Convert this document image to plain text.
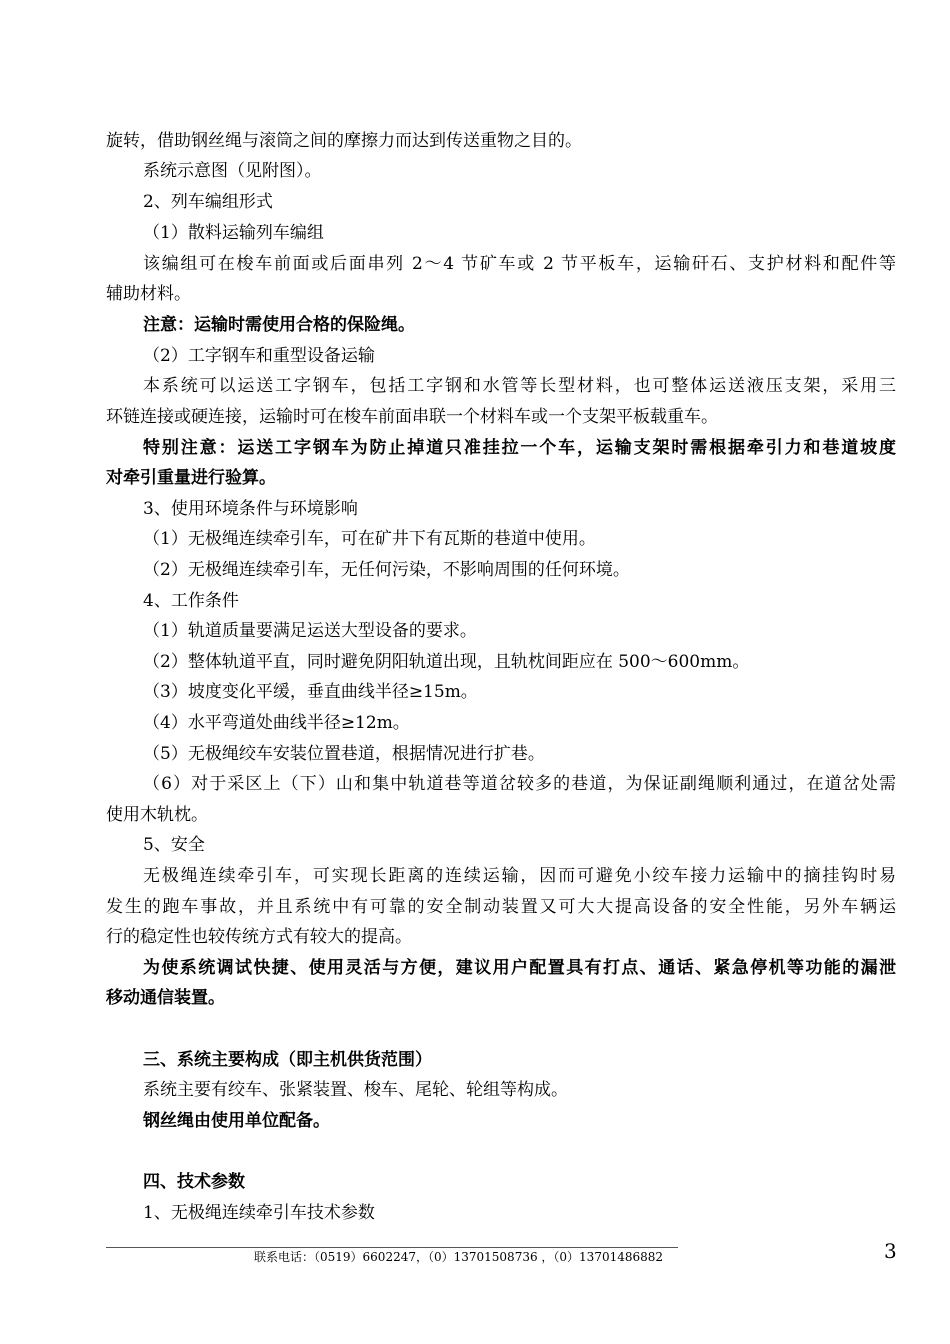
旋转，借助钢丝绳与滚筒之间的摩擦力而达到传送重物之目的。
系统示意图（见附图）。
2、列车编组形式
（1）散料运输列车编组
该编组可在梭车前面或后面串列 2～4 节矿车或 2 节平板车，运输矸石、支护材料和配件等
辅助材料。
注意：运输时需使用合格的保险绳。
（2）工字钢车和重型设备运输
本系统可以运送工字钢车，包括工字钢和水管等长型材料，也可整体运送液压支架，采用三
环链连接或硬连接，运输时可在梭车前面串联一个材料车或一个支架平板载重车。
特别注意：运送工字钢车为防止掉道只准挂拉一个车，运输支架时需根据牵引力和巷道坡度
对牵引重量进行验算。
3、使用环境条件与环境影响
（1）无极绳连续牵引车，可在矿井下有瓦斯的巷道中使用。
（2）无极绳连续牵引车，无任何污染，不影响周围的任何环境。
4、工作条件
（1）轨道质量要满足运送大型设备的要求。
（2）整体轨道平直，同时避免阴阳轨道出现，且轨枕间距应在 500～600mm。
（3）坡度变化平缓，垂直曲线半径≥15m。
（4）水平弯道处曲线半径≥12m。
（5）无极绳绞车安装位置巷道，根据情况进行扩巷。
（6）对于采区上（下）山和集中轨道巷等道岔较多的巷道，为保证副绳顺利通过，在道岔处需
使用木轨枕。
5、安全
无极绳连续牵引车，可实现长距离的连续运输，因而可避免小绞车接力运输中的摘挂钩时易
发生的跑车事故，并且系统中有可靠的安全制动装置又可大大提高设备的安全性能，另外车辆运
行的稳定性也较传统方式有较大的提高。
为使系统调试快捷、使用灵活与方便，建议用户配置具有打点、通话、紧急停机等功能的漏泄
移动通信装置。
三、系统主要构成（即主机供货范围）
系统主要有绞车、张紧装置、梭车、尾轮、轮组等构成。
钢丝绳由使用单位配备。
四、技术参数
1、无极绳连续牵引车技术参数
联系电话：（0519）6602247，（0）13701508736 ，（0）13701486882	3
